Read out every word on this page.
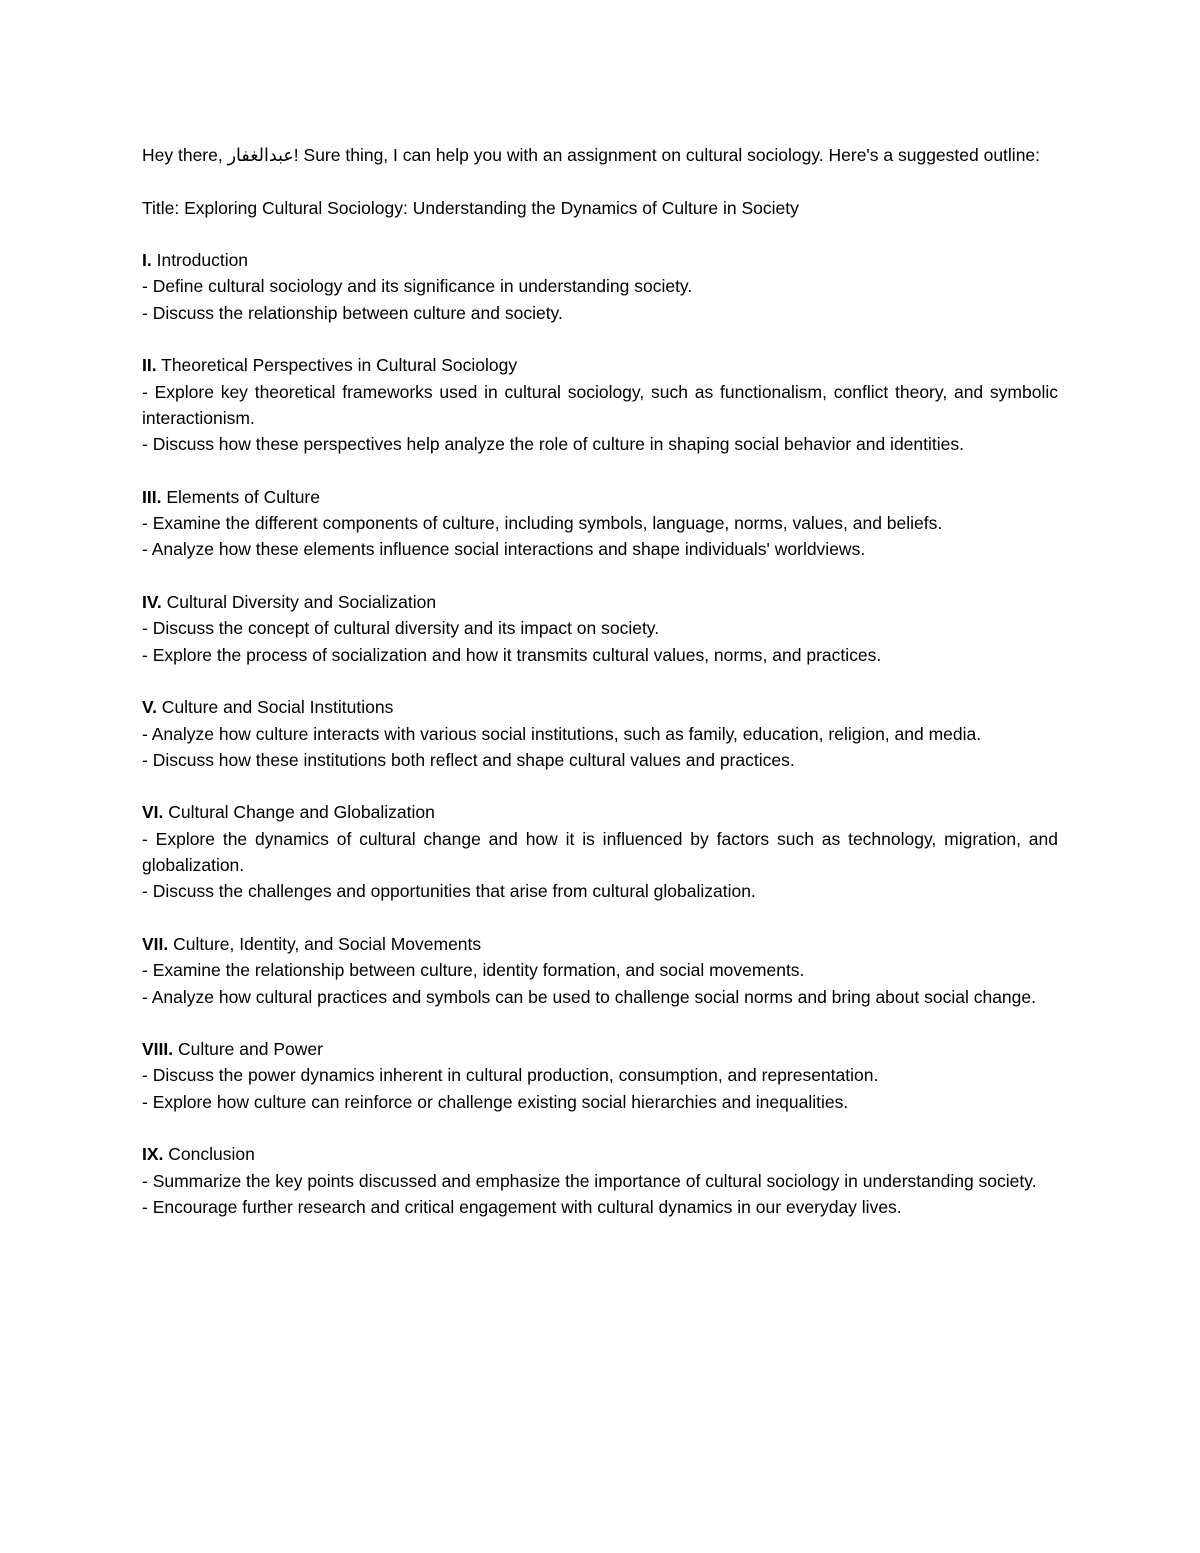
Hey there, عبدالغفار! Sure thing, I can help you with an assignment on cultural sociology. Here's a suggested outline:

Title: Exploring Cultural Sociology: Understanding the Dynamics of Culture in Society

I. Introduction

- Define cultural sociology and its significance in understanding society.

- Discuss the relationship between culture and society.

II. Theoretical Perspectives in Cultural Sociology

- Explore key theoretical frameworks used in cultural sociology, such as functionalism, conflict theory, and symbolic interactionism.

- Discuss how these perspectives help analyze the role of culture in shaping social behavior and identities.

III. Elements of Culture

- Examine the different components of culture, including symbols, language, norms, values, and beliefs.

- Analyze how these elements influence social interactions and shape individuals' worldviews.

IV. Cultural Diversity and Socialization

- Discuss the concept of cultural diversity and its impact on society.

- Explore the process of socialization and how it transmits cultural values, norms, and practices.

V. Culture and Social Institutions

- Analyze how culture interacts with various social institutions, such as family, education, religion, and media.

- Discuss how these institutions both reflect and shape cultural values and practices.

VI. Cultural Change and Globalization

- Explore the dynamics of cultural change and how it is influenced by factors such as technology, migration, and globalization.

- Discuss the challenges and opportunities that arise from cultural globalization.

VII. Culture, Identity, and Social Movements

- Examine the relationship between culture, identity formation, and social movements.

- Analyze how cultural practices and symbols can be used to challenge social norms and bring about social change.

VIII. Culture and Power

- Discuss the power dynamics inherent in cultural production, consumption, and representation.

- Explore how culture can reinforce or challenge existing social hierarchies and inequalities.

IX. Conclusion

- Summarize the key points discussed and emphasize the importance of cultural sociology in understanding society.

- Encourage further research and critical engagement with cultural dynamics in our everyday lives.
